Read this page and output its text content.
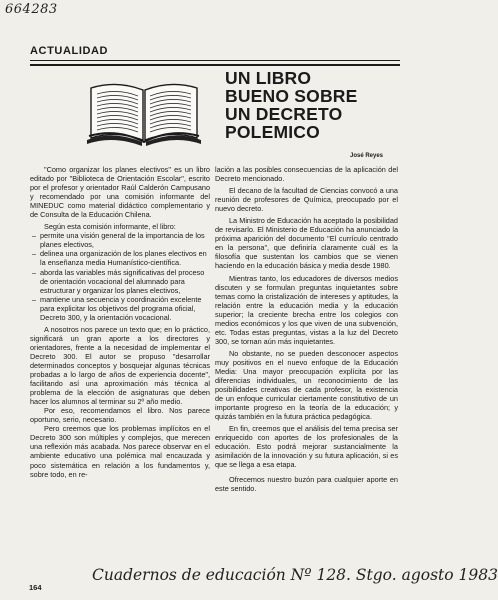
664283
ACTUALIDAD
UN LIBRO
BUENO SOBRE
UN DECRETO
POLEMICO
José Reyes

"Como organizar los planes electivos" es un libro editado por "Biblioteca de Orientación Escolar", escrito por el profesor y orientador Raúl Calderón Campusano y recomendado por una comisión informante del MINEDUC como material didáctico complementario y de Consulta de la Educación Chilena.

Según esta comisión informante, el libro:

– permite una visión general de la importancia de los planes electivos,
– delinea una organización de los planes electivos en la enseñanza media Humanístico-científica.
– aborda las variables más significativas del proceso de orientación vocacional del alumnado para estructurar y organizar los planes electivos,
– mantiene una secuencia y coordinación excelente para explicitar los objetivos del programa oficial, Decreto 300, y la orientación vocacional.

A nosotros nos parece un texto que; en lo práctico, significará un gran aporte a los directores y orientadores, frente a la necesidad de implementar el Decreto 300. El autor se propuso "desarrollar determinados conceptos y bosquejar algunas técnicas probadas a lo largo de años de experiencia docente", facilitando así una aproximación más técnica al problema de la elección de asignaturas que deben hacer los alumnos al terminar su 2º año medio.

Por eso, recomendamos el libro. Nos parece oportuno, serio, necesario.

Pero creemos que los problemas implícitos en el Decreto 300 son múltiples y complejos, que merecen una reflexión más acabada. Nos parece observar en el ambiente educativo una polémica mal encauzada y poco sistemática en relación a los fundamentos y, sobre todo, en re-

lación a las posibles consecuencias de la aplicación del Decreto mencionado.

El decano de la facultad de Ciencias convocó a una reunión de profesores de Química, preocupado por el nuevo decreto.

La Ministro de Educación ha aceptado la posibilidad de revisarlo. El Ministerio de Educación ha anunciado la próxima aparición del documento "El currículo centrado en la persona", que definiría claramente cuál es la filosofía que sustentan los cambios que se vienen haciendo en la educación básica y media desde 1980.

Mientras tanto, los educadores de diversos medios discuten y se formulan preguntas inquietantes sobre temas como la cristalización de intereses y aptitudes, la relación entre la educación media y la educación superior; la creciente brecha entre los colegios con medios económicos y los que viven de una subvención, etc. Todas estas preguntas, vistas a la luz del Decreto 300, se tornan aún más inquietantes.

No obstante, no se pueden desconocer aspectos muy positivos en el nuevo enfoque de la Educación Media: Una mayor preocupación explícita por las diferencias individuales, un reconocimiento de las posibilidades creativas de cada profesor, la existencia de un enfoque curricular ciertamente constitutivo de un importante progreso en la teoría de la educación; y quizás también en la futura práctica pedagógica.

En fin, creemos que el análisis del tema precisa ser enriquecido con aportes de los profesionales de la educación. Esto podrá mejorar sustancialmente la asimilación de la innovación y su futura aplicación, si es que se llega a esa etapa.

Ofrecemos nuestro buzón para cualquier aporte en este sentido.

164
Cuadernos de educación Nº 128. Stgo. agosto 1983
